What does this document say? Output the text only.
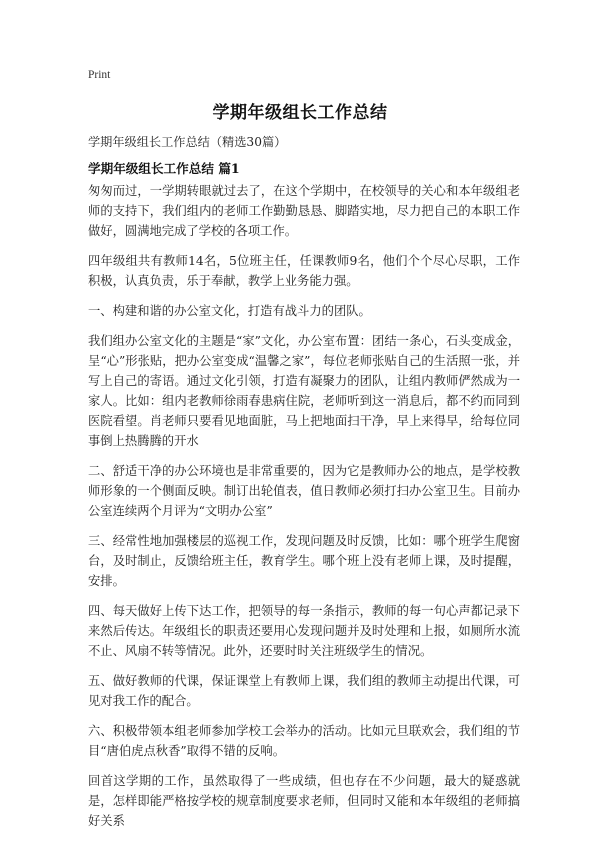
Print
学期年级组长工作总结
学期年级组长工作总结（精选30篇）
学期年级组长工作总结 篇1

匆匆而过，一学期转眼就过去了，在这个学期中，在校领导的关心和本年级组老师的支持下，我们组内的老师工作勤勤恳恳、脚踏实地，尽力把自己的本职工作做好，圆满地完成了学校的各项工作。

四年级组共有教师14名，5位班主任，任课教师9名，他们个个尽心尽职，工作积极，认真负责，乐于奉献，教学上业务能力强。

一、构建和谐的办公室文化，打造有战斗力的团队。

我们组办公室文化的主题是“家”文化，办公室布置：团结一条心，石头变成金，呈“心”形张贴，把办公室变成“温馨之家”，每位老师张贴自己的生活照一张，并写上自己的寄语。通过文化引领，打造有凝聚力的团队，让组内教师俨然成为一家人。比如：组内老教师徐雨春患病住院，老师听到这一消息后，都不约而同到医院看望。肖老师只要看见地面脏，马上把地面扫干净，早上来得早，给每位同事倒上热腾腾的开水

二、舒适干净的办公环境也是非常重要的，因为它是教师办公的地点，是学校教师形象的一个侧面反映。制订出轮值表，值日教师必须打扫办公室卫生。目前办公室连续两个月评为“文明办公室”

三、经常性地加强楼层的巡视工作，发现问题及时反馈，比如：哪个班学生爬窗台，及时制止，反馈给班主任，教育学生。哪个班上没有老师上课，及时提醒，安排。

四、每天做好上传下达工作，把领导的每一条指示，教师的每一句心声都记录下来然后传达。年级组长的职责还要用心发现问题并及时处理和上报，如厕所水流不止、风扇不转等情况。此外，还要时时关注班级学生的情况。

五、做好教师的代课，保证课堂上有教师上课，我们组的教师主动提出代课，可见对我工作的配合。

六、积极带领本组老师参加学校工会举办的活动。比如元旦联欢会，我们组的节目“唐伯虎点秋香”取得不错的反响。

回首这学期的工作，虽然取得了一些成绩，但也存在不少问题，最大的疑惑就是，怎样即能严格按学校的规章制度要求老师，但同时又能和本年级组的老师搞好关系
